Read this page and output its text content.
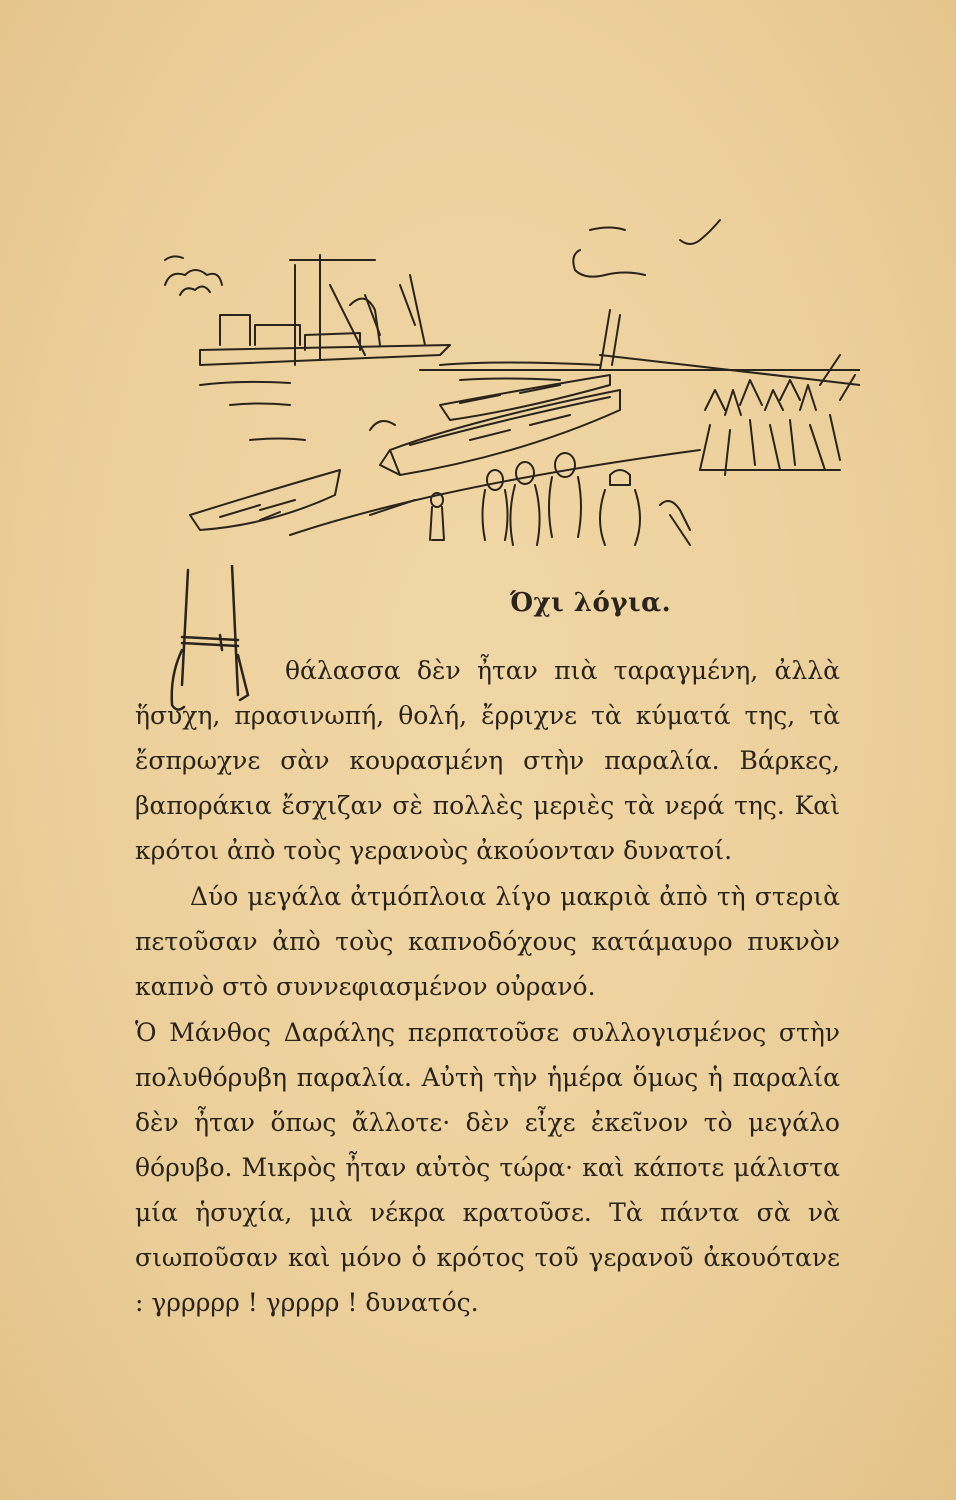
Όχι λόγια.

θάλασσα δὲν ἦταν πιὰ ταραγμένη, ἀλλὰ ἥσυχη, πρασινωπή, θολή, ἔρριχνε τὰ κύματά της, τὰ ἔσπρωχνε σὰν κουρασμένη στὴν παραλία. Βάρκες, βαποράκια ἔσχιζαν σὲ πολλὲς μεριὲς τὰ νερά της. Καὶ κρότοι ἀπὸ τοὺς γερανοὺς ἀκούονταν δυνατοί.

Δύο μεγάλα ἀτμόπλοια λίγο μακριὰ ἀπὸ τὴ στεριὰ πετοῦσαν ἀπὸ τοὺς καπνοδόχους κατάμαυρο πυκνὸν καπνὸ στὸ συννεφιασμένον οὐρανό.

Ὁ Μάνθος Δαράλης περπατοῦσε συλλογισμένος στὴν πολυθόρυβη παραλία. Αὐτὴ τὴν ἡμέρα ὅμως ἡ παραλία δὲν ἦταν ὅπως ἄλλοτε· δὲν εἶχε ἐκεῖνον τὸ μεγάλο θόρυβο. Μικρὸς ἦταν αὐτὸς τώρα· καὶ κάποτε μάλιστα μία ἡσυχία, μιὰ νέκρα κρατοῦσε. Τὰ πάντα σὰ νὰ σιωποῦσαν καὶ μόνο ὁ κρότος τοῦ γερανοῦ ἀκουότανε : γρρρρρ ! γρρρρ ! δυνατός.
